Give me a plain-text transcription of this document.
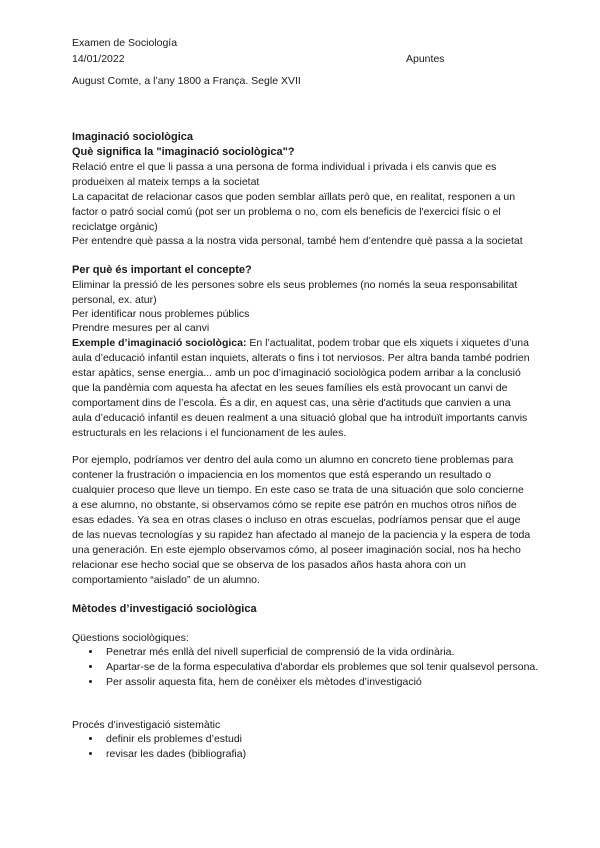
Examen de Sociología
14/01/2022	Apuntes
August Comte, a l’any 1800 a França. Segle XVII
Imaginació sociològica
Què significa la "imaginació sociològica"?
Relació entre el que li passa a una persona de forma individual i privada i els canvis que es produeixen al mateix temps a la societat
La capacitat de relacionar casos que poden semblar aïllats però que, en realitat, responen a un factor o patró social comú (pot ser un problema o no, com els beneficis de l'exercici físic o el reciclatge orgànic)
Per entendre què passa a la nostra vida personal, també hem d’entendre què passa a la societat
Per què és important el concepte?
Eliminar la pressió de les persones sobre els seus problemes (no només la seua responsabilitat personal, ex. atur)
Per identificar nous problemes públics
Prendre mesures per al canvi
Exemple d’imaginació sociològica: En l’actualitat, podem trobar que els xiquets i xiquetes d’una aula d’educació infantil estan inquiets, alterats o fins i tot nerviosos. Per altra banda també podrien estar apàtics, sense energia... amb un poc d’imaginació sociològica podem arribar a la conclusió que la pandèmia com aquesta ha afectat en les seues famílies els està provocant un canvi de comportament dins de l’escola. És a dir, en aquest cas, una sèrie d'actituds que canvien a una aula d’educació infantil es deuen realment a una situació global que ha introduït importants canvis estructurals en les relacions i el funcionament de les aules.
Por ejemplo, podríamos ver dentro del aula como un alumno en concreto tiene problemas para contener la frustración o impaciencia en los momentos que está esperando un resultado o cualquier proceso que lleve un tiempo. En este caso se trata de una situación que solo concierne a ese alumno, no obstante, si observamos cómo se repite ese patrón en muchos otros niños de esas edades. Ya sea en otras clases o incluso en otras escuelas, podríamos pensar que el auge de las nuevas tecnologías y su rapidez han afectado al manejo de la paciencia y la espera de toda una generación. En este ejemplo observamos cómo, al poseer imaginación social, nos ha hecho relacionar ese hecho social que se observa de los pasados años hasta ahora con un comportamiento “aislado” de un alumno.
Mètodes d’investigació sociològica
Qüestions sociològiques:
• Penetrar més enllà del nivell superficial de comprensió de la vida ordinària.
• Apartar-se de la forma especulativa d'abordar els problemes que sol tenir qualsevol persona.
• Per assolir aquesta fita, hem de conèixer els mètodes d’investigació
Procés d’investigació sistemàtic
• definir els problemes d’estudi
• revisar les dades (bibliografia)
